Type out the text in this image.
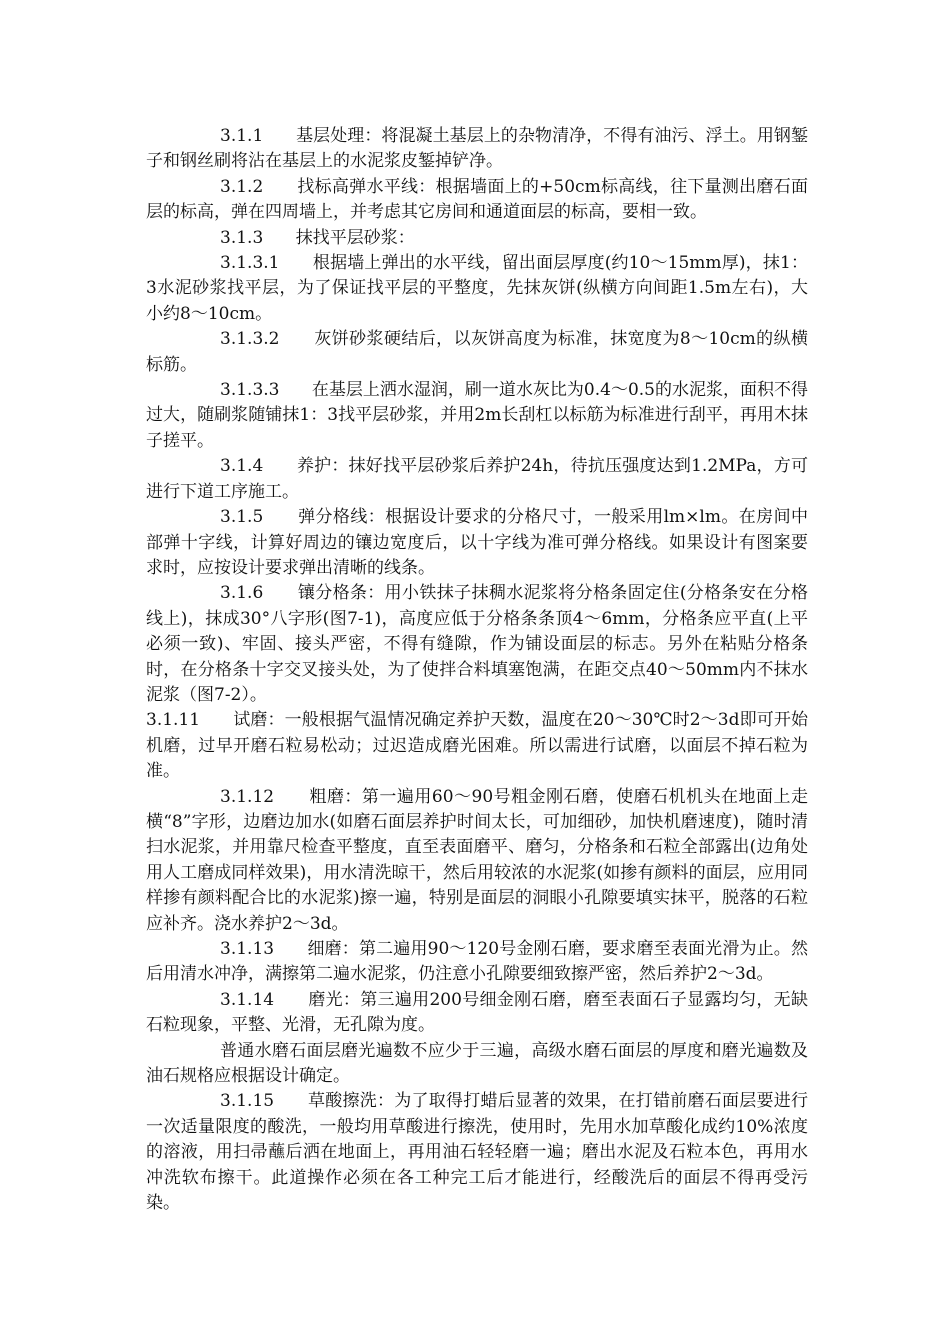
3.1.1 基层处理：将混凝土基层上的杂物清净，不得有油污、浮土。用钢錾子和钢丝刷将沾在基层上的水泥浆皮錾掉铲净。

3.1.2 找标高弹水平线：根据墙面上的+50cm标高线，往下量测出磨石面层的标高，弹在四周墙上，并考虑其它房间和通道面层的标高，要相一致。

3.1.3 抹找平层砂浆：

3.1.3.1 根据墙上弹出的水平线，留出面层厚度(约10～15mm厚)，抹1：  3水泥砂浆找平层，为了保证找平层的平整度，先抹灰饼(纵横方向间距1.5m左右)，大小约8～10cm。

3.1.3.2 灰饼砂浆硬结后，以灰饼高度为标准，抹宽度为8～10cm的纵横标筋。

3.1.3.3 在基层上洒水湿润，刷一道水灰比为0.4～0.5的水泥浆，面积不得过大，随刷浆随铺抹1：3找平层砂浆，并用2m长刮杠以标筋为标准进行刮平，再用木抹子搓平。

3.1.4 养护：抹好找平层砂浆后养护24h，待抗压强度达到1.2MPa，方可进行下道工序施工。

3.1.5 弹分格线：根据设计要求的分格尺寸，一般采用lm×lm。在房间中部弹十字线，计算好周边的镶边宽度后，以十字线为准可弹分格线。如果设计有图案要求时，应按设计要求弹出清晰的线条。

3.1.6 镶分格条：用小铁抹子抹稠水泥浆将分格条固定住(分格条安在分格线上)，抹成30°八字形(图7-1)，高度应低于分格条条顶4～6mm，分格条应平直(上平必须一致)、牢固、接头严密，不得有缝隙，作为铺设面层的标志。另外在粘贴分格条时，在分格条十字交叉接头处，为了使拌合料填塞饱满，在距交点40～50mm内不抹水泥浆（图7-2）。

3.1.11 试磨：一般根据气温情况确定养护天数，温度在20～30℃时2～3d即可开始机磨，过早开磨石粒易松动；过迟造成磨光困难。所以需进行试磨，以面层不掉石粒为准。

3.1.12 粗磨：第一遍用60～90号粗金刚石磨，使磨石机机头在地面上走横“8”字形，边磨边加水(如磨石面层养护时间太长，可加细砂，加快机磨速度)，随时清扫水泥浆，并用靠尺检查平整度，直至表面磨平、磨匀，分格条和石粒全部露出(边角处用人工磨成同样效果)，用水清洗晾干，然后用较浓的水泥浆(如掺有颜料的面层，应用同样掺有颜料配合比的水泥浆)擦一遍，特别是面层的洞眼小孔隙要填实抹平，脱落的石粒应补齐。浇水养护2～3d。

3.1.13 细磨：第二遍用90～120号金刚石磨，要求磨至表面光滑为止。然后用清水冲净，满擦第二遍水泥浆，仍注意小孔隙要细致擦严密，然后养护2～3d。

3.1.14 磨光：第三遍用200号细金刚石磨，磨至表面石子显露均匀，无缺石粒现象，平整、光滑，无孔隙为度。

普通水磨石面层磨光遍数不应少于三遍，高级水磨石面层的厚度和磨光遍数及油石规格应根据设计确定。

3.1.15 草酸擦洗：为了取得打蜡后显著的效果，在打错前磨石面层要进行一次适量限度的酸洗，一般均用草酸进行擦洗，使用时，先用水加草酸化成约10%浓度的溶液，用扫帚蘸后洒在地面上，再用油石轻轻磨一遍；磨出水泥及石粒本色，再用水冲洗软布擦干。此道操作必须在各工种完工后才能进行，经酸洗后的面层不得再受污染。
